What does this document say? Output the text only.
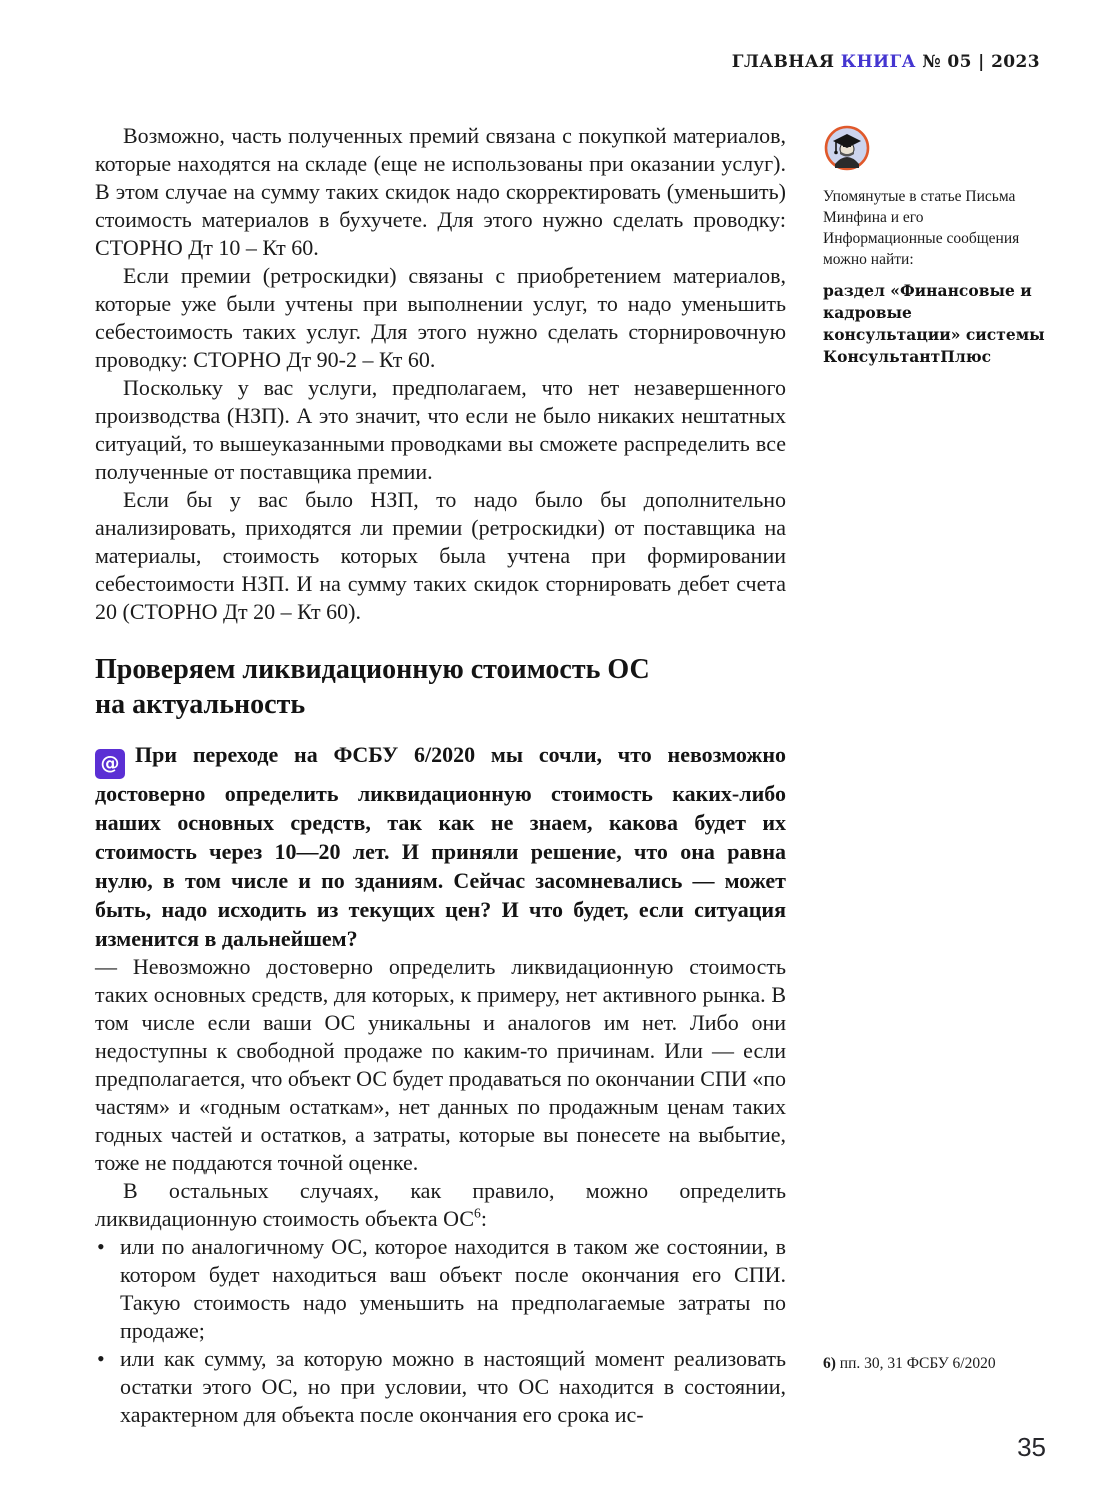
ГЛАВНАЯ КНИГА № 05 | 2023

Упомянутые в статье Письма Минфина и его Информационные сообщения можно найти:

раздел «Финансовые и кадровые консультации» системы КонсультантПлюс

Возможно, часть полученных премий связана с покупкой материалов, которые находятся на складе (еще не использованы при оказании услуг). В этом случае на сумму таких скидок надо скорректировать (уменьшить) стоимость материалов в бухучете. Для этого нужно сделать проводку: СТОРНО Дт 10 – Кт 60.

Если премии (ретроскидки) связаны с приобретением материалов, которые уже были учтены при выполнении услуг, то надо уменьшить себестоимость таких услуг. Для этого нужно сделать сторнировочную проводку: СТОРНО Дт 90-2 – Кт 60.

Поскольку у вас услуги, предполагаем, что нет незавершенного производства (НЗП). А это значит, что если не было никаких нештатных ситуаций, то вышеуказанными проводками вы сможете распределить все полученные от поставщика премии.

Если бы у вас было НЗП, то надо было бы дополнительно анализировать, приходятся ли премии (ретроскидки) от поставщика на материалы, стоимость которых была учтена при формировании себестоимости НЗП. И на сумму таких скидок сторнировать дебет счета 20 (СТОРНО Дт 20 – Кт 60).

Проверяем ликвидационную стоимость ОС
на актуальность

@ При переходе на ФСБУ 6/2020 мы сочли, что невозможно достоверно определить ликвидационную стоимость каких-либо наших основных средств, так как не знаем, какова будет их стоимость через 10—20 лет. И приняли решение, что она равна нулю, в том числе и по зданиям. Сейчас засомневались — может быть, надо исходить из текущих цен? И что будет, если ситуация изменится в дальнейшем?

— Невозможно достоверно определить ликвидационную стоимость таких основных средств, для которых, к примеру, нет активного рынка. В том числе если ваши ОС уникальны и аналогов им нет. Либо они недоступны к свободной продаже по каким-то причинам. Или — если предполагается, что объект ОС будет продаваться по окончании СПИ «по частям» и «годным остаткам», нет данных по продажным ценам таких годных частей и остатков, а затраты, которые вы понесете на выбытие, тоже не поддаются точной оценке.

В остальных случаях, как правило, можно определить ликвидационную стоимость объекта ОС$^6$:

• или по аналогичному ОС, которое находится в таком же состоянии, в котором будет находиться ваш объект после окончания его СПИ. Такую стоимость надо уменьшить на предполагаемые затраты по продаже;
• или как сумму, за которую можно в настоящий момент реализовать остатки этого ОС, но при условии, что ОС находится в состоянии, характерном для объекта после окончания его срока ис-
6) пп. 30, 31 ФСБУ 6/2020
35
